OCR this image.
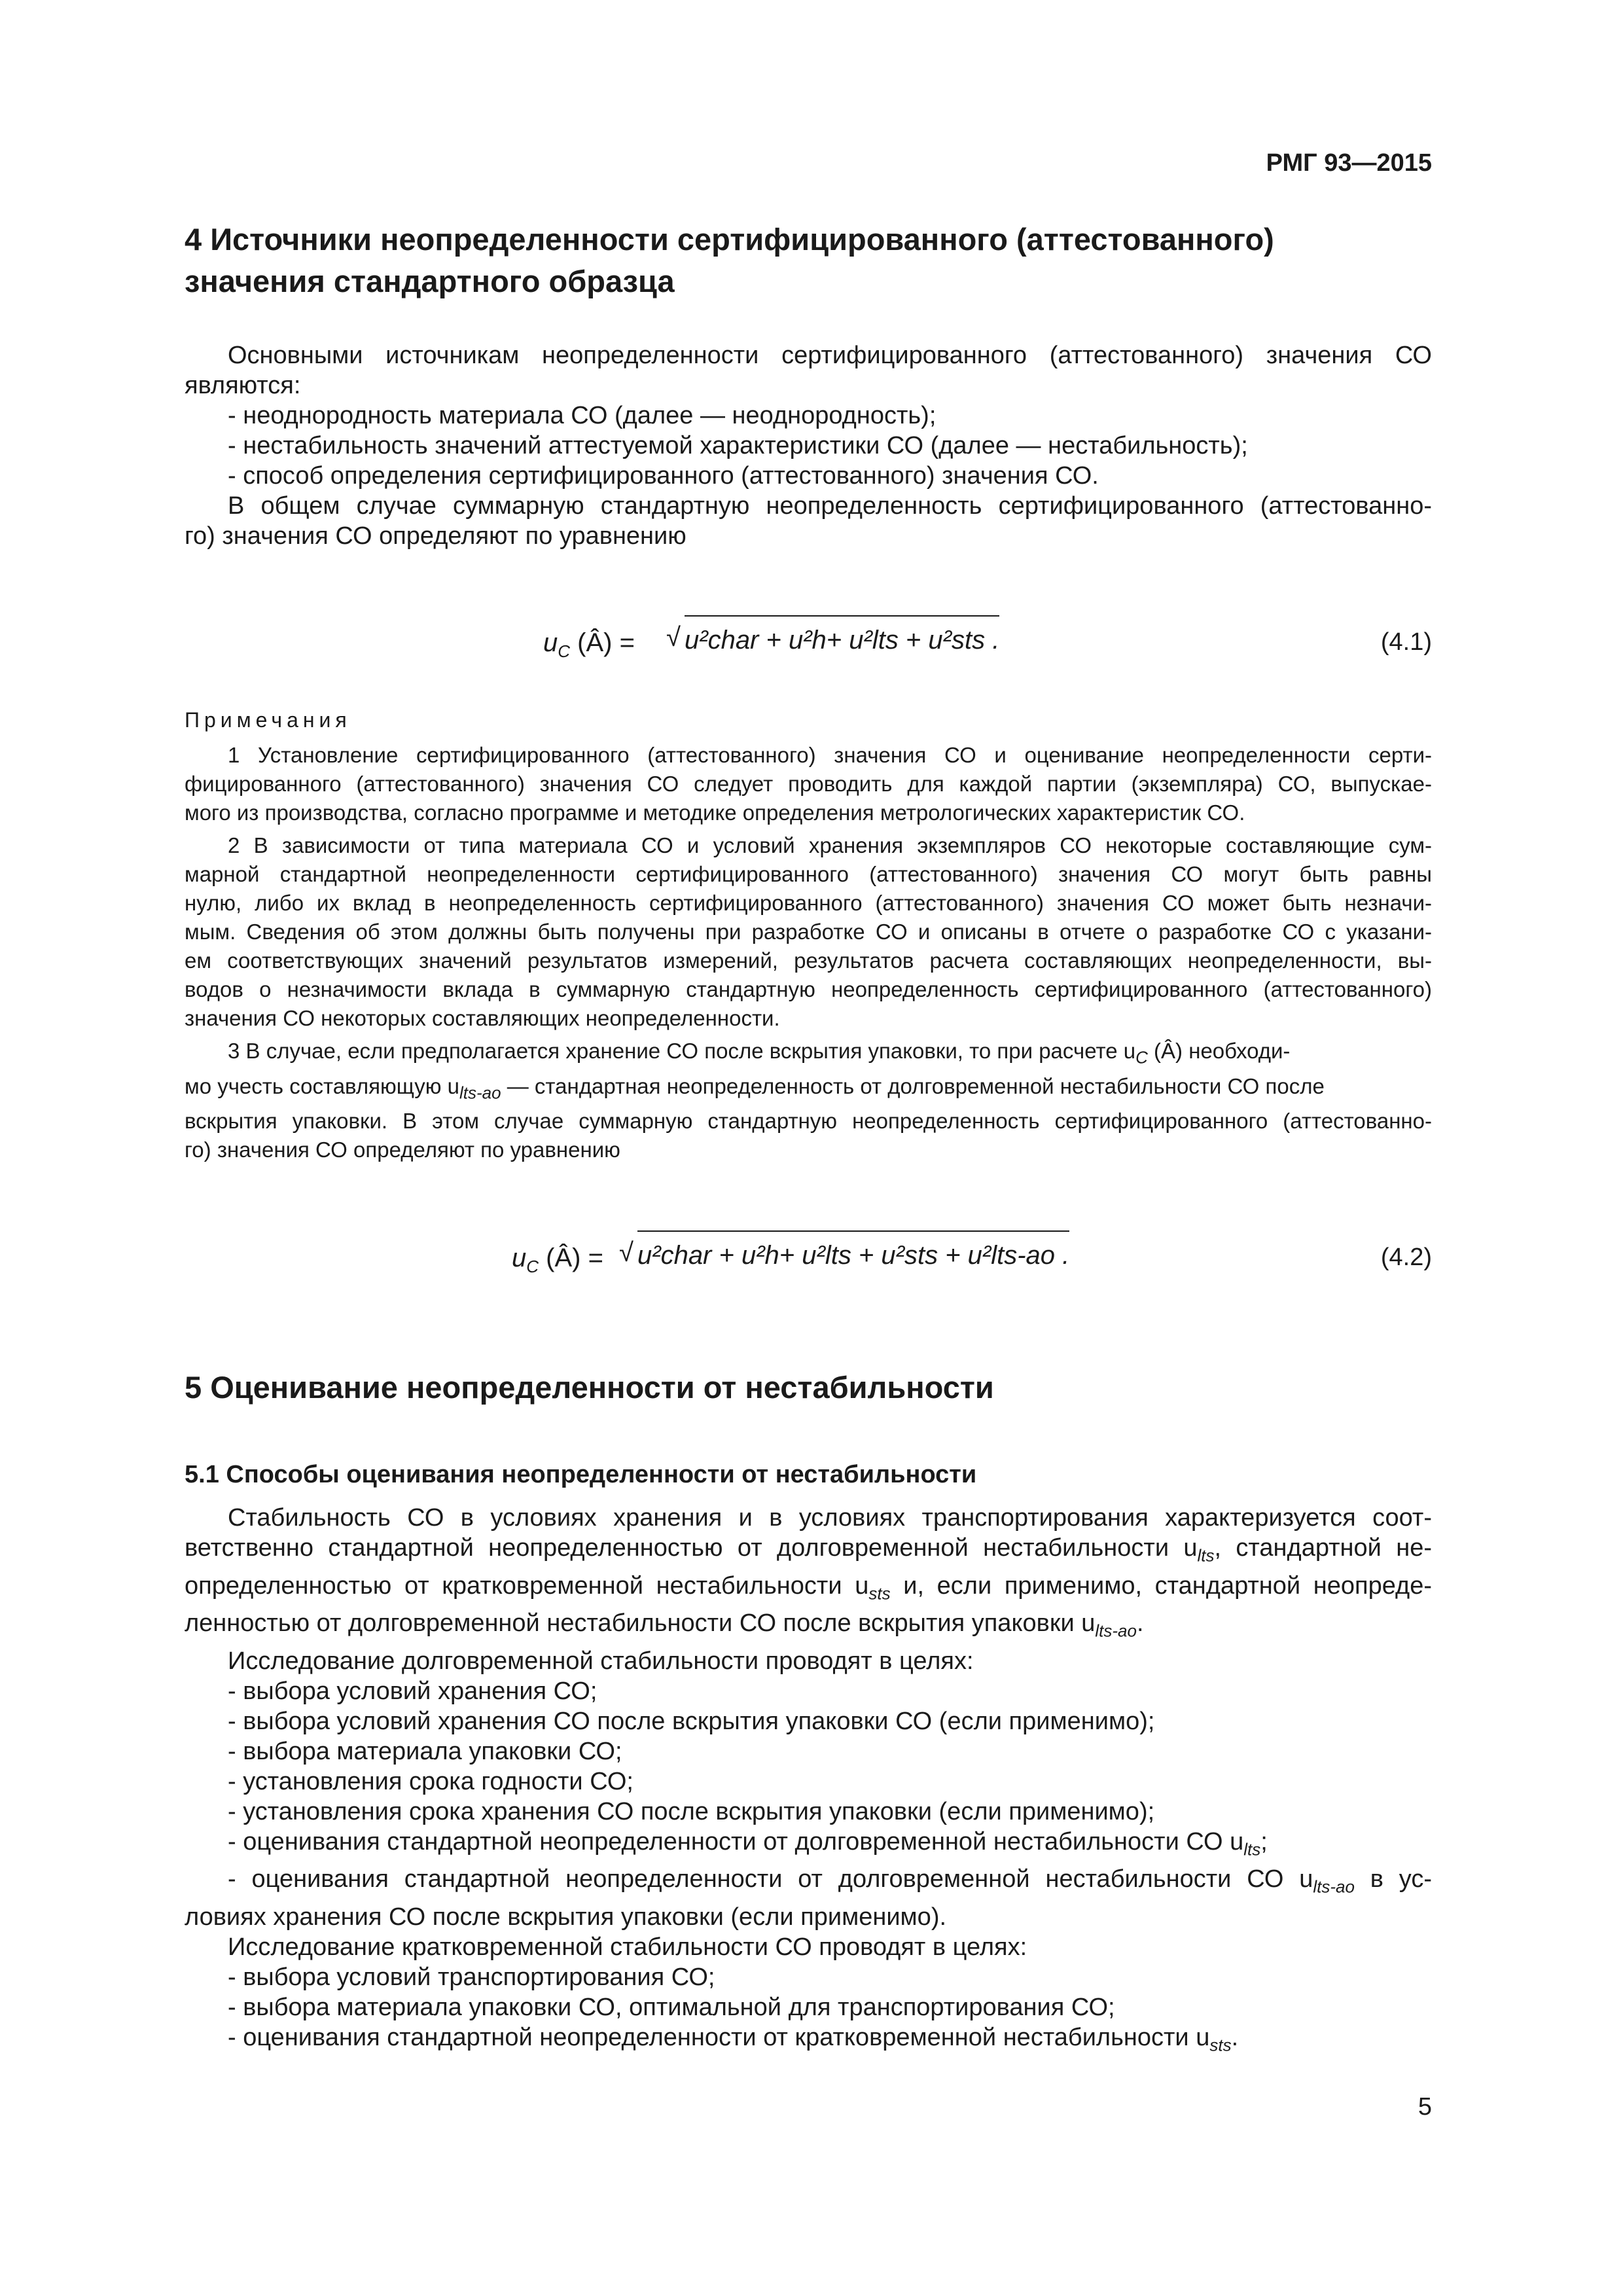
РМГ 93—2015

4 Источники неопределенности сертифицированного (аттестованного)
значения стандартного образца
Основными источникам неопределенности сертифицированного (аттестованного) значения СО
являются:
- неоднородность материала СО (далее — неоднородность);
- нестабильность значений аттестуемой характеристики СО (далее — нестабильность);
- способ определения сертифицированного (аттестованного) значения СО.
В общем случае суммарную стандартную неопределенность сертифицированного (аттестованно-
го) значения СО определяют по уравнению
$u_C$ (Â) = √ u²char + u²h+ u²lts + u²sts .	(4.1)
Примечания
1 Установление сертифицированного (аттестованного) значения СО и оценивание неопределенности серти-
фицированного (аттестованного) значения СО следует проводить для каждой партии (экземпляра) СО, выпускае-
мого из производства, согласно программе и методике определения метрологических характеристик СО.
2 В зависимости от типа материала СО и условий хранения экземпляров СО некоторые составляющие сум-
марной стандартной неопределенности сертифицированного (аттестованного) значения СО могут быть равны
нулю, либо их вклад в неопределенность сертифицированного (аттестованного) значения СО может быть незначи-
мым. Сведения об этом должны быть получены при разработке СО и описаны в отчете о разработке СО с указани-
ем соответствующих значений результатов измерений, результатов расчета составляющих неопределенности, вы-
водов о незначимости вклада в суммарную стандартную неопределенность сертифицированного (аттестованного)
значения СО некоторых составляющих неопределенности.
3 В случае, если предполагается хранение СО после вскрытия упаковки, то при расчете $u_C$ (Â) необходи-
мо учесть составляющую $u_{lts-ao}$ — стандартная неопределенность от долговременной нестабильности СО после
вскрытия упаковки. В этом случае суммарную стандартную неопределенность сертифицированного (аттестованно-
го) значения СО определяют по уравнению
$u_C$ (Â) = √ u²char + u²h+ u²lts + u²sts + u²lts-ao .	(4.2)
5 Оценивание неопределенности от нестабильности
5.1 Способы оценивания неопределенности от нестабильности
Стабильность СО в условиях хранения и в условиях транспортирования характеризуется соот-
ветственно стандартной неопределенностью от долговременной нестабильности $u_{lts}$, стандартной не-
определенностью от кратковременной нестабильности $u_{sts}$ и, если применимо, стандартной неопреде-
ленностью от долговременной нестабильности СО после вскрытия упаковки $u_{lts-ao}$.
Исследование долговременной стабильности проводят в целях:
- выбора условий хранения СО;
- выбора условий хранения СО после вскрытия упаковки СО (если применимо);
- выбора материала упаковки СО;
- установления срока годности СО;
- установления срока хранения СО после вскрытия упаковки (если применимо);
- оценивания стандартной неопределенности от долговременной нестабильности СО $u_{lts}$;
- оценивания стандартной неопределенности от долговременной нестабильности СО $u_{lts-ao}$ в ус-
ловиях хранения СО после вскрытия упаковки (если применимо).
Исследование кратковременной стабильности СО проводят в целях:
- выбора условий транспортирования СО;
- выбора материала упаковки СО, оптимальной для транспортирования СО;
- оценивания стандартной неопределенности от кратковременной нестабильности $u_{sts}$.

5
